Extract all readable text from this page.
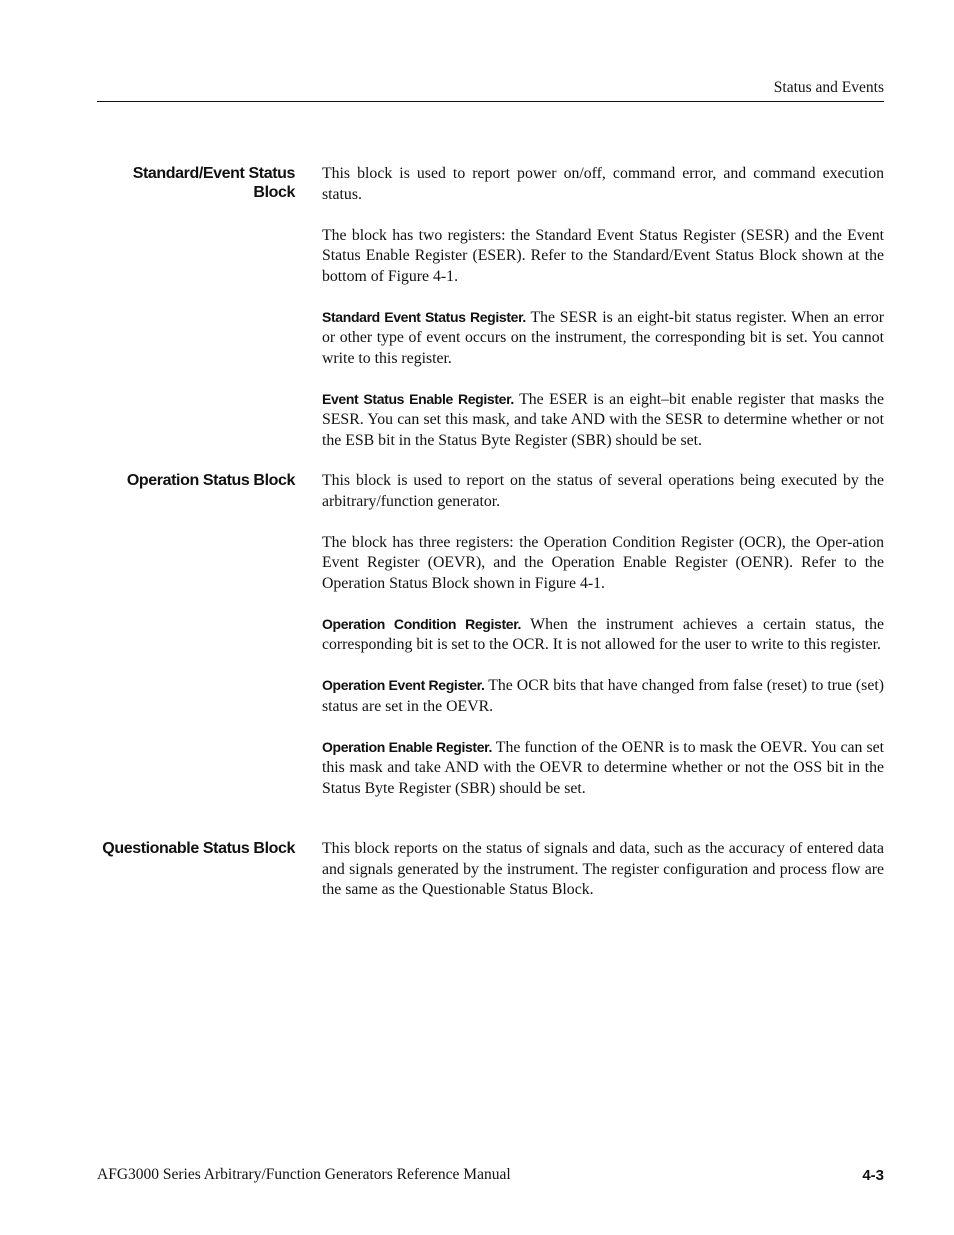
Status and Events
Standard/Event Status
Block

This block is used to report power on/off, command error, and command execution status.

The block has two registers: the Standard Event Status Register (SESR) and the Event Status Enable Register (ESER). Refer to the Standard/Event Status Block shown at the bottom of Figure 4-1.

Standard Event Status Register. The SESR is an eight-bit status register. When an error or other type of event occurs on the instrument, the corresponding bit is set. You cannot write to this register.

Event Status Enable Register. The ESER is an eight–bit enable register that masks the SESR. You can set this mask, and take AND with the SESR to determine whether or not the ESB bit in the Status Byte Register (SBR) should be set.

Operation Status Block This block is used to report on the status of several operations being executed by the arbitrary/function generator.

The block has three registers: the Operation Condition Register (OCR), the Oper-ation Event Register (OEVR), and the Operation Enable Register (OENR). Refer to the Operation Status Block shown in Figure 4-1.

Operation Condition Register. When the instrument achieves a certain status, the corresponding bit is set to the OCR. It is not allowed for the user to write to this register.

Operation Event Register. The OCR bits that have changed from false (reset) to true (set) status are set in the OEVR.

Operation Enable Register. The function of the OENR is to mask the OEVR. You can set this mask and take AND with the OEVR to determine whether or not the OSS bit in the Status Byte Register (SBR) should be set.

Questionable Status Block This block reports on the status of signals and data, such as the accuracy of entered data and signals generated by the instrument. The register configuration and process flow are the same as the Questionable Status Block.

AFG3000 Series Arbitrary/Function Generators Reference Manual	4-3
